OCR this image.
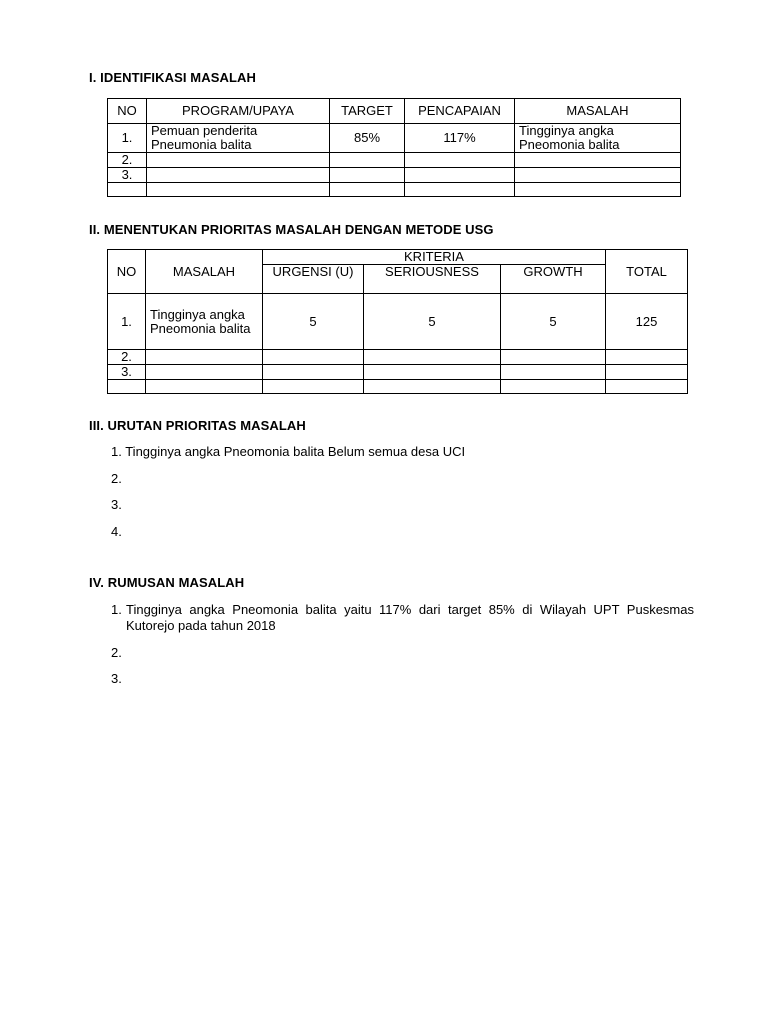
I. IDENTIFIKASI MASALAH

NO	PROGRAM/UPAYA	TARGET	PENCAPAIAN	MASALAH
1.	Pemuan penderita Pneumonia balita	85%	117%	Tingginya angka Pneomonia balita
2.				
3.				

II. MENENTUKAN PRIORITAS MASALAH DENGAN METODE USG

NO	MASALAH	KRITERIA			TOTAL
		URGENSI (U)	SERIOUSNESS	GROWTH	
1.	Tingginya angka Pneomonia balita	5	5	5	125
2.					
3.					

III. URUTAN PRIORITAS MASALAH

1. Tingginya angka Pneomonia balita Belum semua desa UCI
2.
3.
4.

IV. RUMUSAN MASALAH

1. Tingginya angka Pneomonia balita yaitu 117% dari target 85% di Wilayah UPT Puskesmas Kutorejo pada tahun 2018
2.
3.
